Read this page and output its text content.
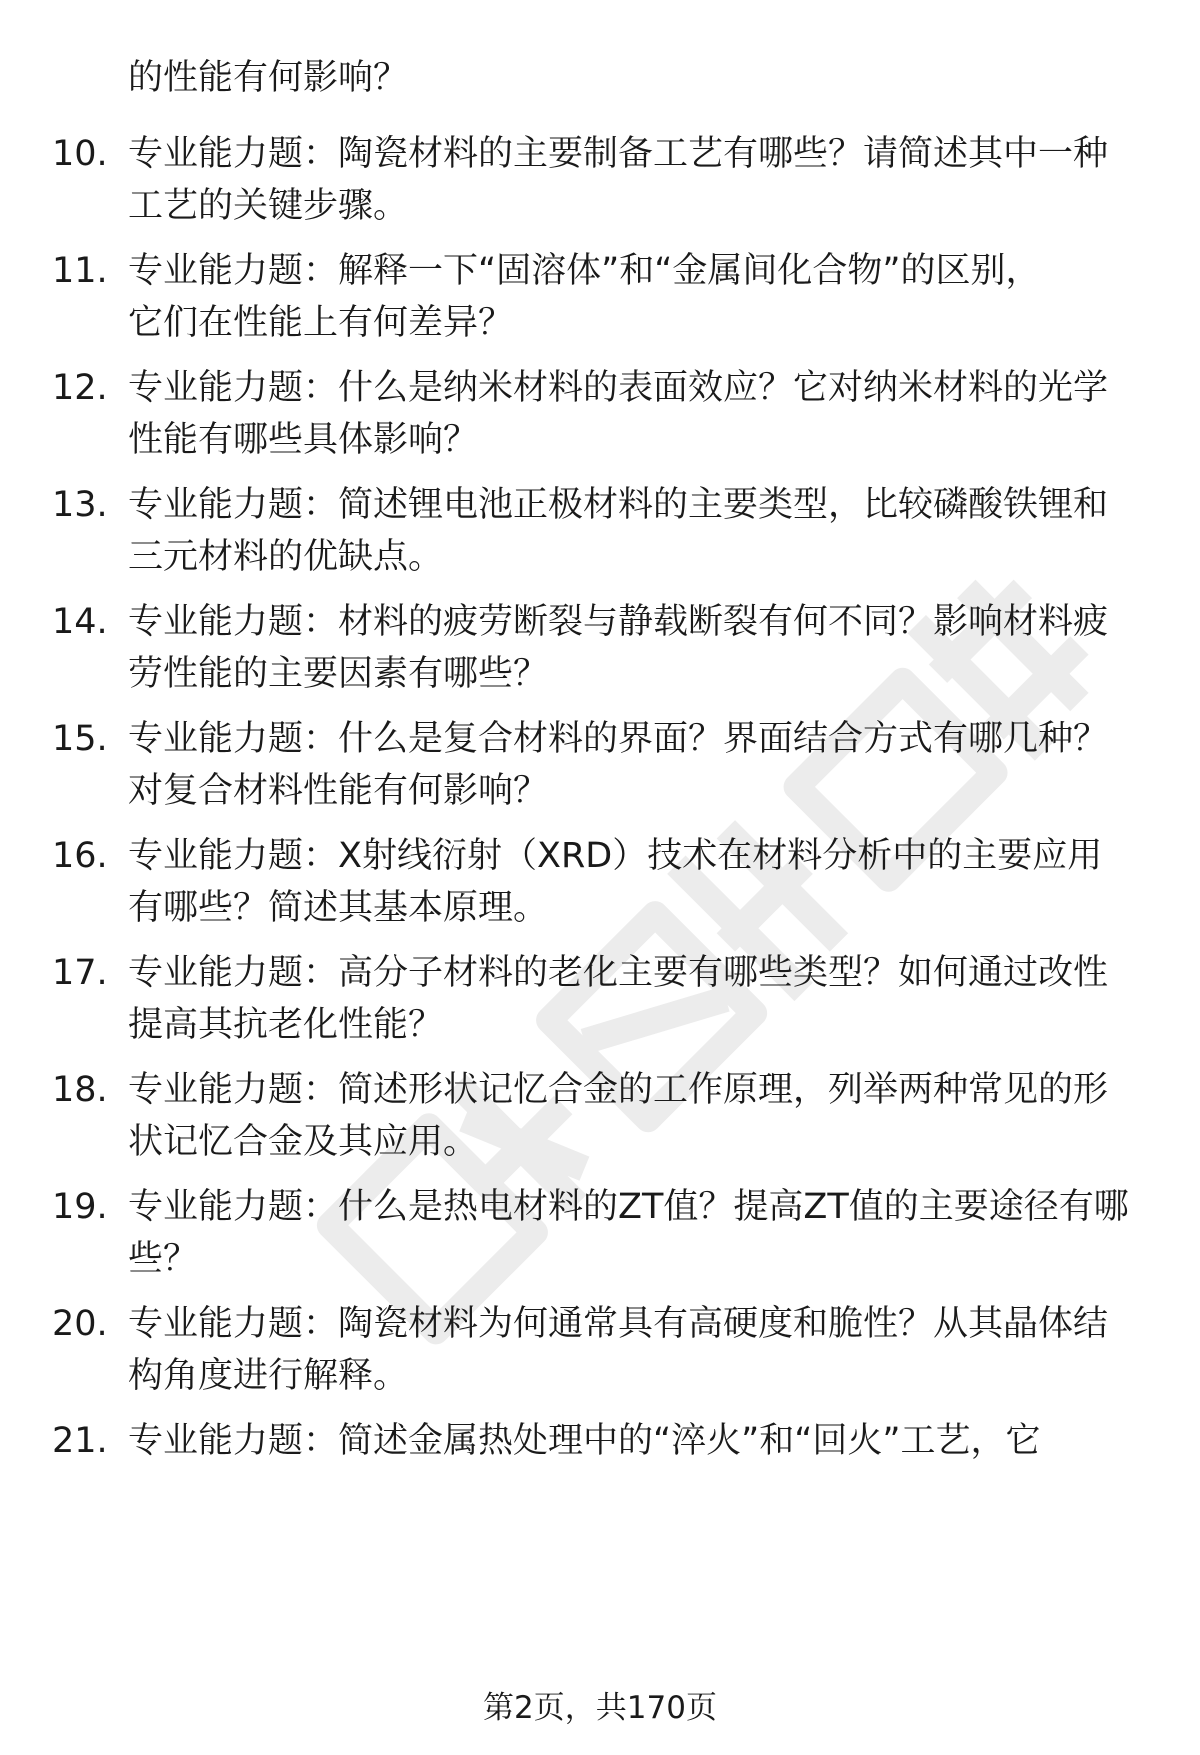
的性能有何影响？
10. 专业能力题：陶瓷材料的主要制备工艺有哪些？请简述其中一种
工艺的关键步骤。
11. 专业能力题：解释一下“固溶体”和“金属间化合物”的区别，
它们在性能上有何差异？
12. 专业能力题：什么是纳米材料的表面效应？它对纳米材料的光学
性能有哪些具体影响？
13. 专业能力题：简述锂电池正极材料的主要类型，比较磷酸铁锂和
三元材料的优缺点。
14. 专业能力题：材料的疲劳断裂与静载断裂有何不同？影响材料疲
劳性能的主要因素有哪些？
15. 专业能力题：什么是复合材料的界面？界面结合方式有哪几种？
对复合材料性能有何影响？
16. 专业能力题：X射线衍射（XRD）技术在材料分析中的主要应用
有哪些？简述其基本原理。
17. 专业能力题：高分子材料的老化主要有哪些类型？如何通过改性
提高其抗老化性能？
18. 专业能力题：简述形状记忆合金的工作原理，列举两种常见的形
状记忆合金及其应用。
19. 专业能力题：什么是热电材料的ZT值？提高ZT值的主要途径有哪
些？
20. 专业能力题：陶瓷材料为何通常具有高硬度和脆性？从其晶体结
构角度进行解释。
21. 专业能力题：简述金属热处理中的“淬火”和“回火”工艺，它
第2页，共170页
